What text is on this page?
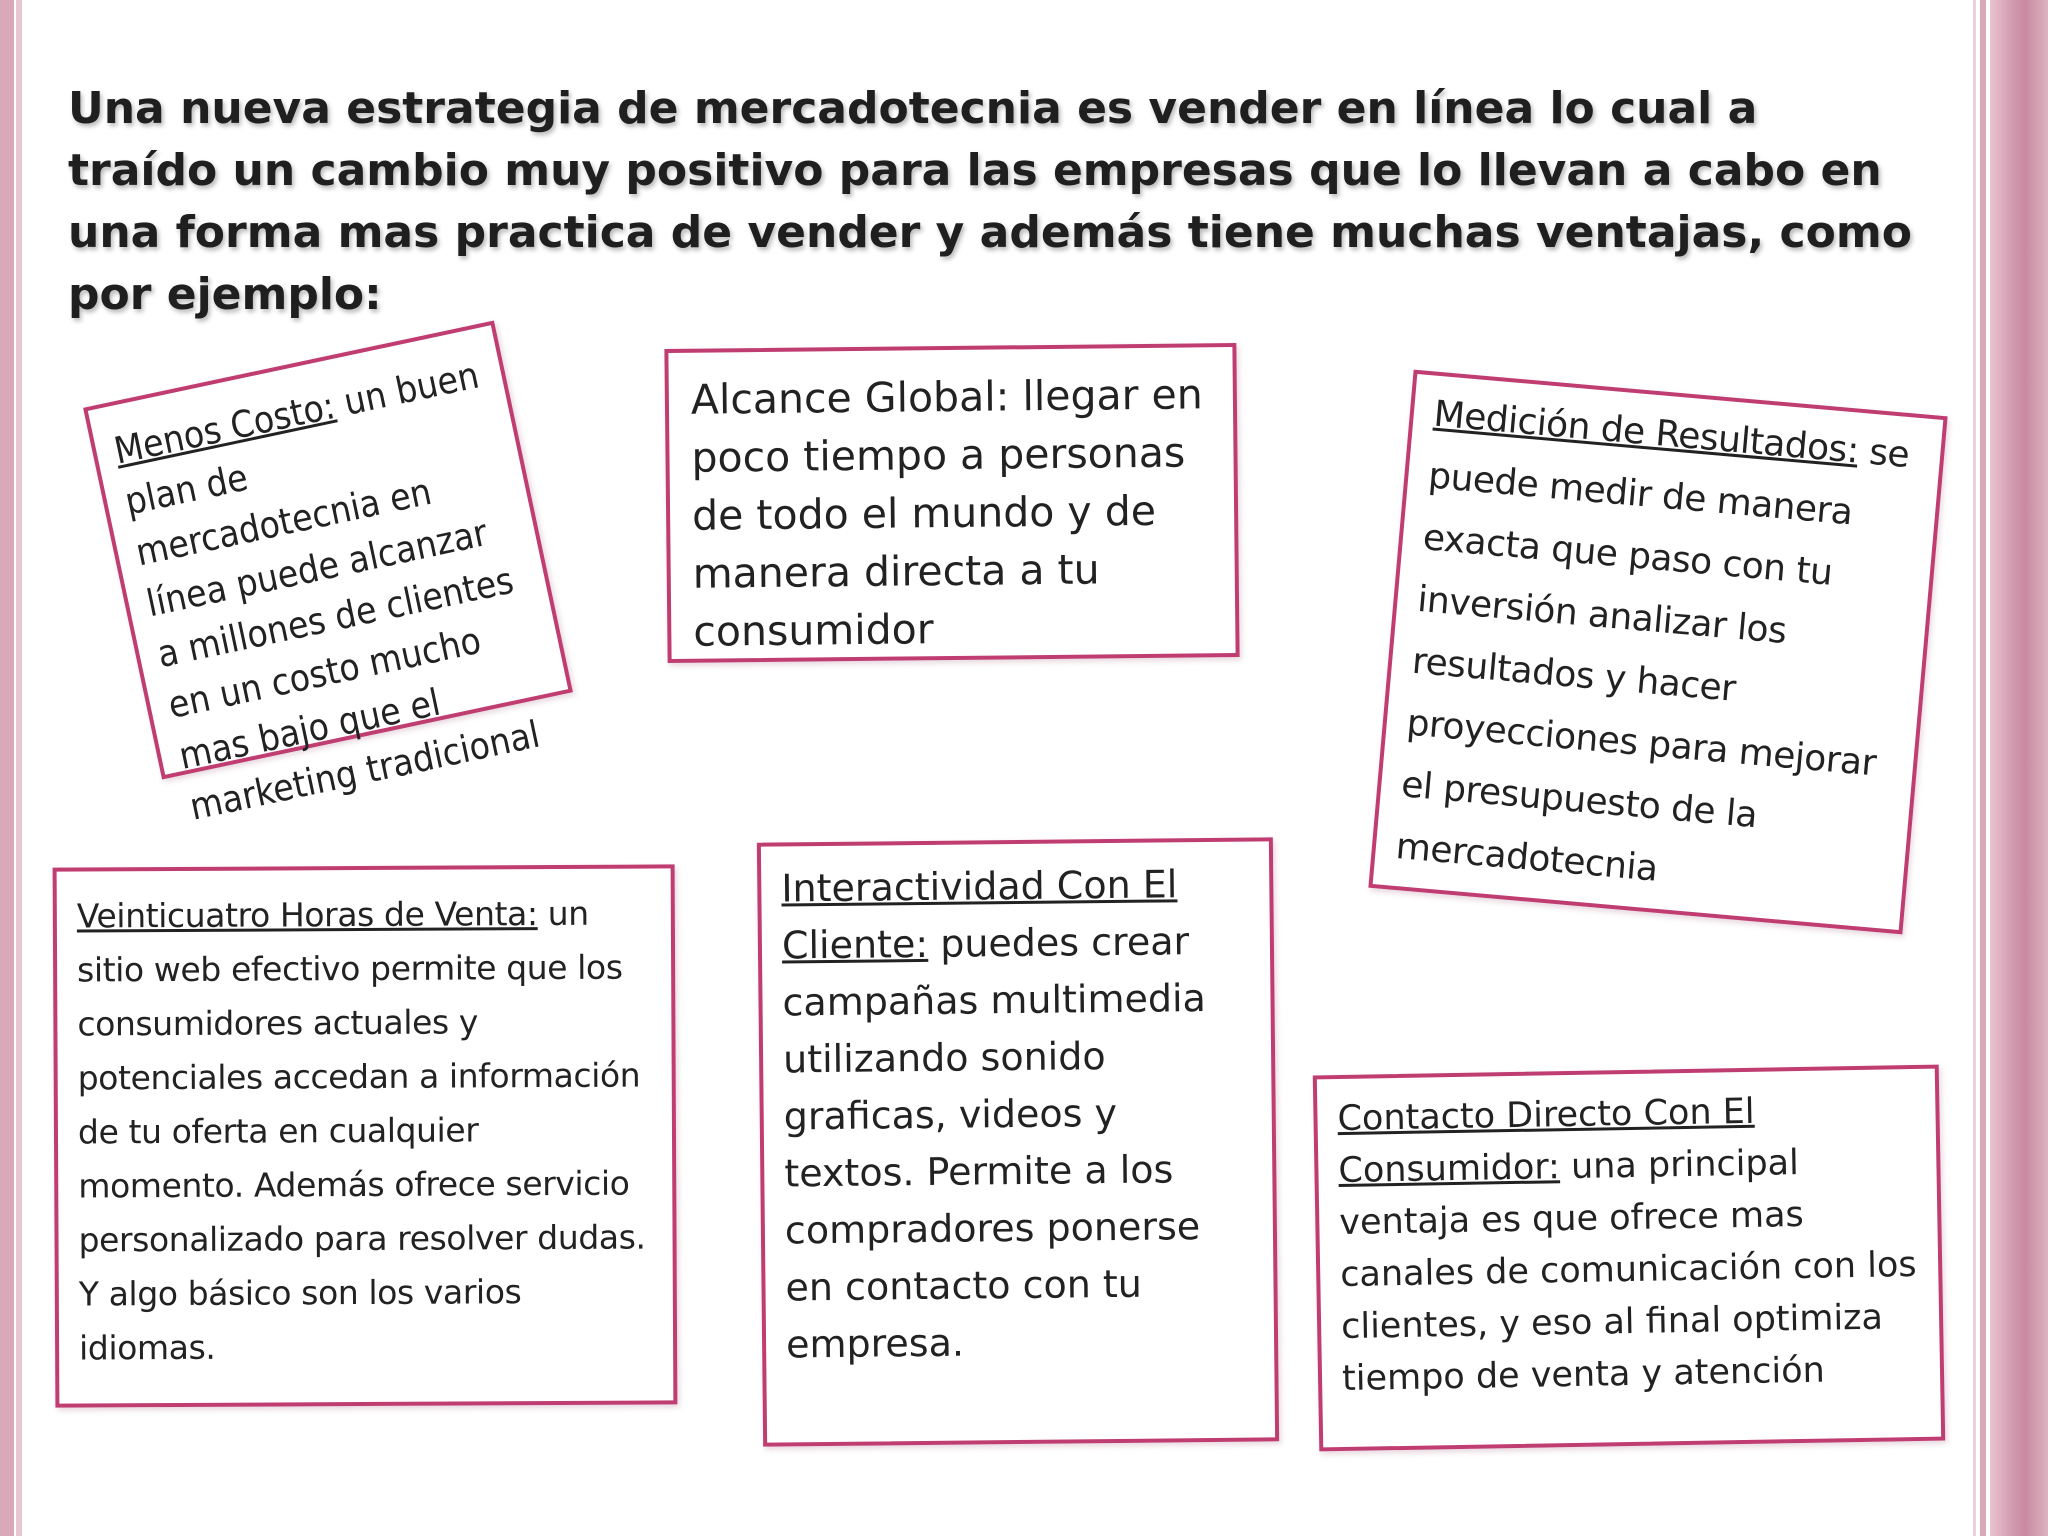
Una nueva estrategia de mercadotecnia es vender en línea lo cual a traído un cambio muy positivo para las empresas que lo llevan a cabo en una forma mas practica de vender y además tiene muchas ventajas, como por ejemplo:

Menos Costo: un buen plan de mercadotecnia en línea puede alcanzar a millones de clientes en un costo mucho mas bajo que el marketing tradicional
Alcance Global: llegar en poco tiempo a personas de todo el mundo y de manera directa a tu consumidor
Medición de Resultados: se puede medir de manera exacta que paso con tu inversión analizar los resultados y hacer proyecciones para mejorar el presupuesto de la mercadotecnia
Veinticuatro Horas de Venta: un sitio web efectivo permite que los consumidores actuales y potenciales accedan a información de tu oferta en cualquier momento. Además ofrece servicio personalizado para resolver dudas. Y algo básico son los varios idiomas.
Interactividad Con El Cliente: puedes crear campañas multimedia utilizando sonido graficas, videos y textos. Permite a los compradores ponerse en contacto con tu empresa.
Contacto Directo Con El Consumidor: una principal ventaja es que ofrece mas canales de comunicación con los clientes, y eso al final optimiza tiempo de venta y atención
